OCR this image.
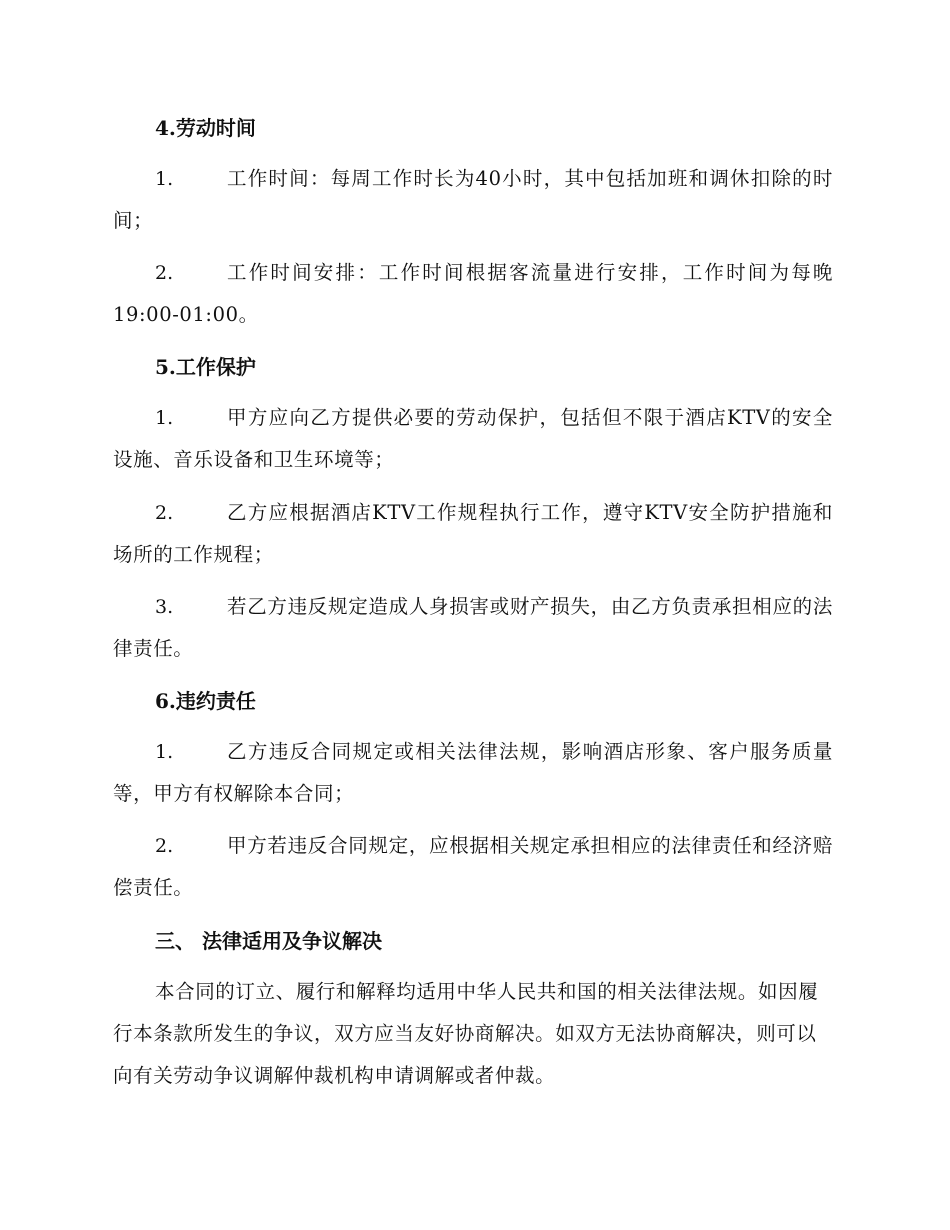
4.劳动时间
1.	工作时间：每周工作时长为40小时，其中包括加班和调休扣除的时间；
2.	工作时间安排：工作时间根据客流量进行安排，工作时间为每晚19:00-01:00。
5.工作保护
1.	甲方应向乙方提供必要的劳动保护，包括但不限于酒店KTV的安全设施、音乐设备和卫生环境等；
2.	乙方应根据酒店KTV工作规程执行工作，遵守KTV安全防护措施和场所的工作规程；
3.	若乙方违反规定造成人身损害或财产损失，由乙方负责承担相应的法律责任。
6.违约责任
1.	乙方违反合同规定或相关法律法规，影响酒店形象、客户服务质量等，甲方有权解除本合同；
2.	甲方若违反合同规定，应根据相关规定承担相应的法律责任和经济赔偿责任。
三、 法律适用及争议解决
本合同的订立、履行和解释均适用中华人民共和国的相关法律法规。如因履行本条款所发生的争议，双方应当友好协商解决。如双方无法协商解决，则可以向有关劳动争议调解仲裁机构申请调解或者仲裁。
